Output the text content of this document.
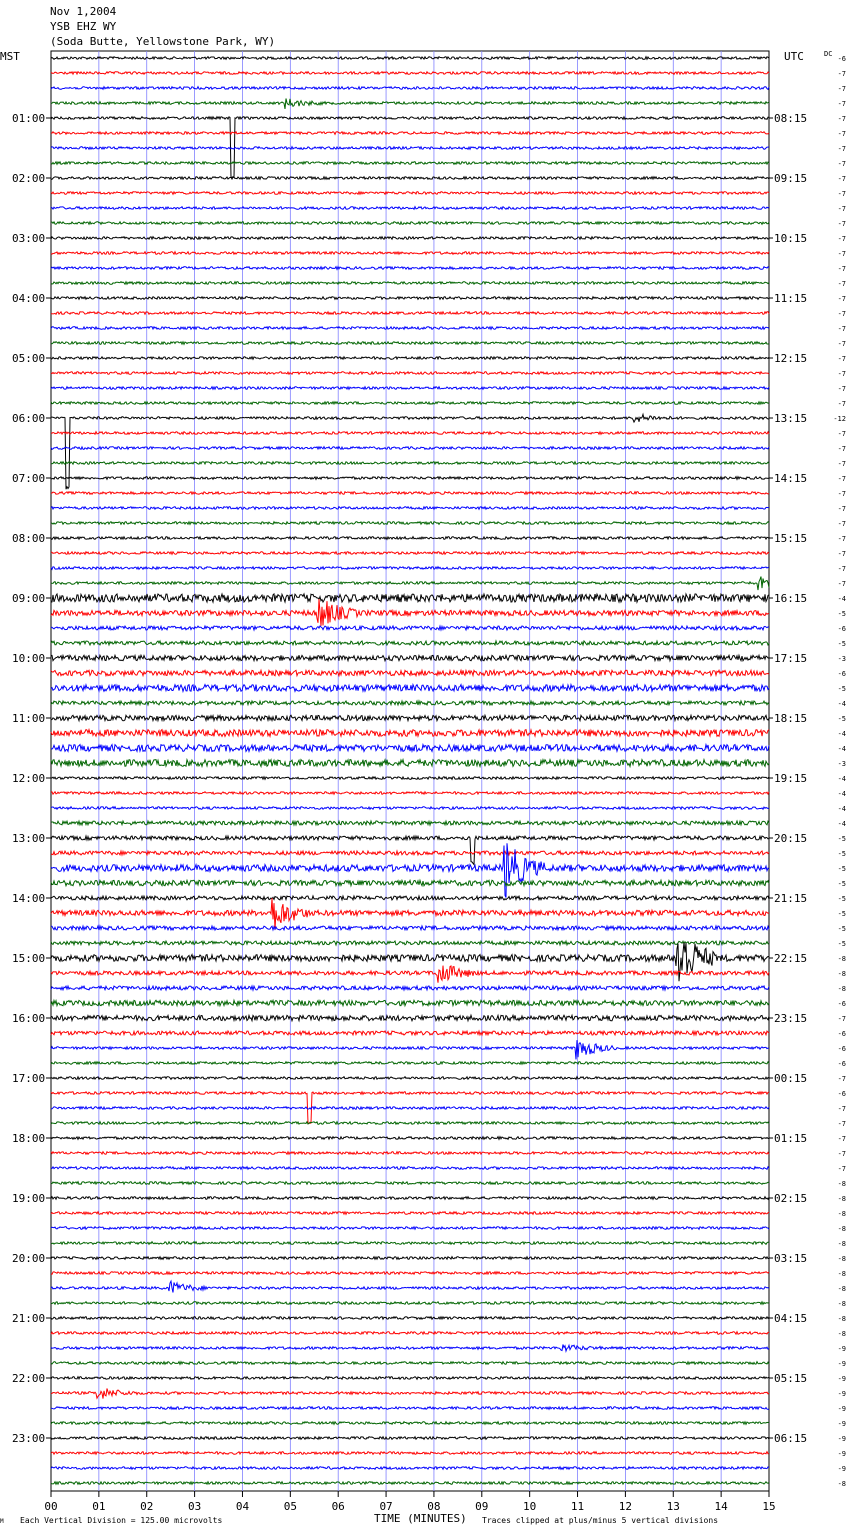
Nov 1,2004
YSB EHZ WY
(Soda Butte, Yellowstone Park, WY)
00	01	02	03	04	05	06	07	08	09	10	11	12	13	14	15
-6
-7
-7
-7
-7
-7
-7
-7
-7
-7
-7
-7
-7
-7
-7
-7
-7
-7
-7
-7
-7
-7
-7
-7
-12
-7
-7
-7
-7
-7
-7
-7
-7
-7
-7
-7
-4
-5
-6
-5
-3
-6
-5
-4
-5
-4
-4
-3
-4
-4
-4
-4
-5
-5
-5
-5
-5
-5
-5
-5
-8
-8
-8
-6
-7
-6
-6
-6
-7
-6
-7
-7
-7
-7
-7
-8
-8
-8
-8
-8
-8
-8
-8
-8
-8
-8
-9
-9
-9
-9
-9
-9
-9
-9
-9
-8
01:00	08:15
02:00	09:15
03:00	10:15
04:00	11:15
05:00	12:15
06:00	13:15
07:00	14:15
08:00	15:15
09:00	16:15
10:00	17:15
11:00	18:15
12:00	19:15
13:00	20:15
14:00	21:15
15:00	22:15
16:00	23:15
17:00	00:15
18:00	01:15
19:00	02:15
20:00	03:15
21:00	04:15
22:00	05:15
23:00	06:15
MST	UTC	DC
M Each Vertical Division = 125.00 microvolts	TIME (MINUTES) Traces clipped at plus/minus 5 vertical divisions
